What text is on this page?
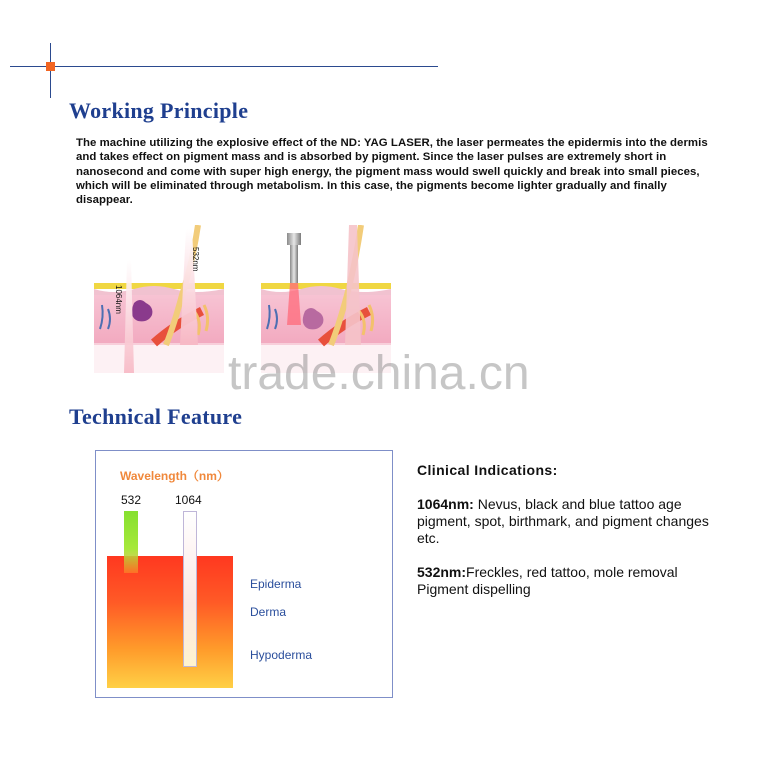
Working Principle

The machine utilizing the explosive effect of the ND: YAG LASER, the laser permeates the epidermis into the dermis and takes effect on pigment mass and is absorbed by pigment. Since the laser pulses are extremely short in nanosecond and come with super high energy, the pigment mass would swell quickly and break into small pieces, which will be eliminated through metabolism. In this case, the pigments become lighter gradually and finally disappear.

1064nm
532nm
trade.china.cn
Technical Feature
Wavelength（nm）
532	1064
Epiderma
Derma
Hypoderma

Clinical Indications:

1064nm: Nevus, black and blue tattoo age pigment, spot, birthmark, and pigment changes etc.

532nm:Freckles, red tattoo, mole removal Pigment dispelling
